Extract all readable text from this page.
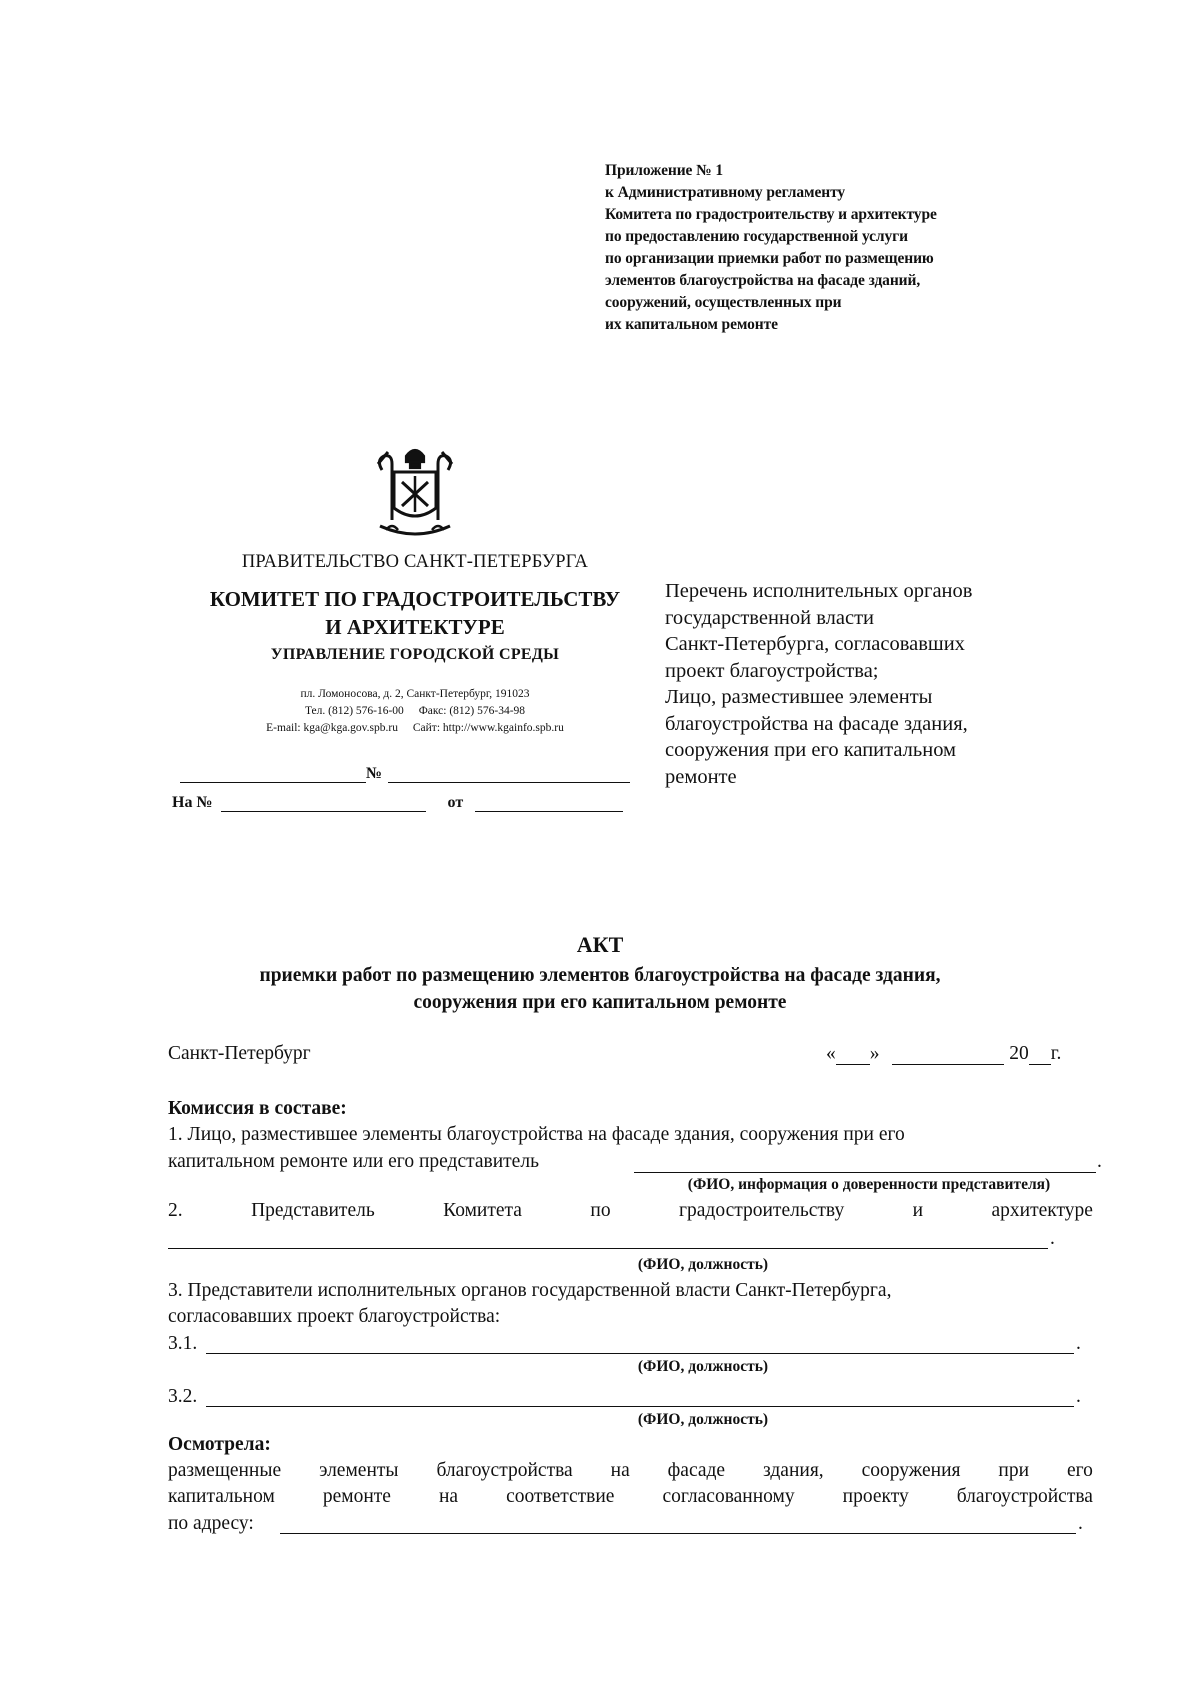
Приложение № 1
к Административному регламенту
Комитета по градостроительству и архитектуре
по предоставлению государственной услуги
по организации приемки работ по размещению
элементов благоустройства на фасаде зданий,
сооружений, осуществленных при
их капитальном ремонте
ПРАВИТЕЛЬСТВО САНКТ-ПЕТЕРБУРГА
КОМИТЕТ ПО ГРАДОСТРОИТЕЛЬСТВУ
И АРХИТЕКТУРЕ
УПРАВЛЕНИЕ ГОРОДСКОЙ СРЕДЫ
пл. Ломоносова, д. 2, Санкт-Петербург, 191023
Тел. (812) 576-16-00 Факс: (812) 576-34-98
E-mail: kga@kga.gov.spb.ru Сайт: http://www.kgainfo.spb.ru
№
На №	от
Перечень исполнительных органов
государственной власти
Санкт-Петербурга, согласовавших
проект благоустройства;
Лицо, разместившее элементы
благоустройства на фасаде здания,
сооружения при его капитальном
ремонте
АКТ
приемки работ по размещению элементов благоустройства на фасаде здания,
сооружения при его капитальном ремонте
Санкт-Петербург	« »	20 г.
Комиссия в составе:
1. Лицо, разместившее элементы благоустройства на фасаде здания, сооружения при его
капитальном ремонте или его представитель	.
(ФИО, информация о доверенности представителя)
2.	Представитель	Комитета	по	градостроительству	и	архитектуре
.
(ФИО, должность)
3. Представители исполнительных органов государственной власти Санкт-Петербурга,
согласовавших проект благоустройства:
3.1.	.
(ФИО, должность)
3.2.	.
(ФИО, должность)
Осмотрела:
размещенные элементы благоустройства на фасаде здания, сооружения при его
капитальном ремонте на соответствие согласованному проекту благоустройства
по адресу:	.
